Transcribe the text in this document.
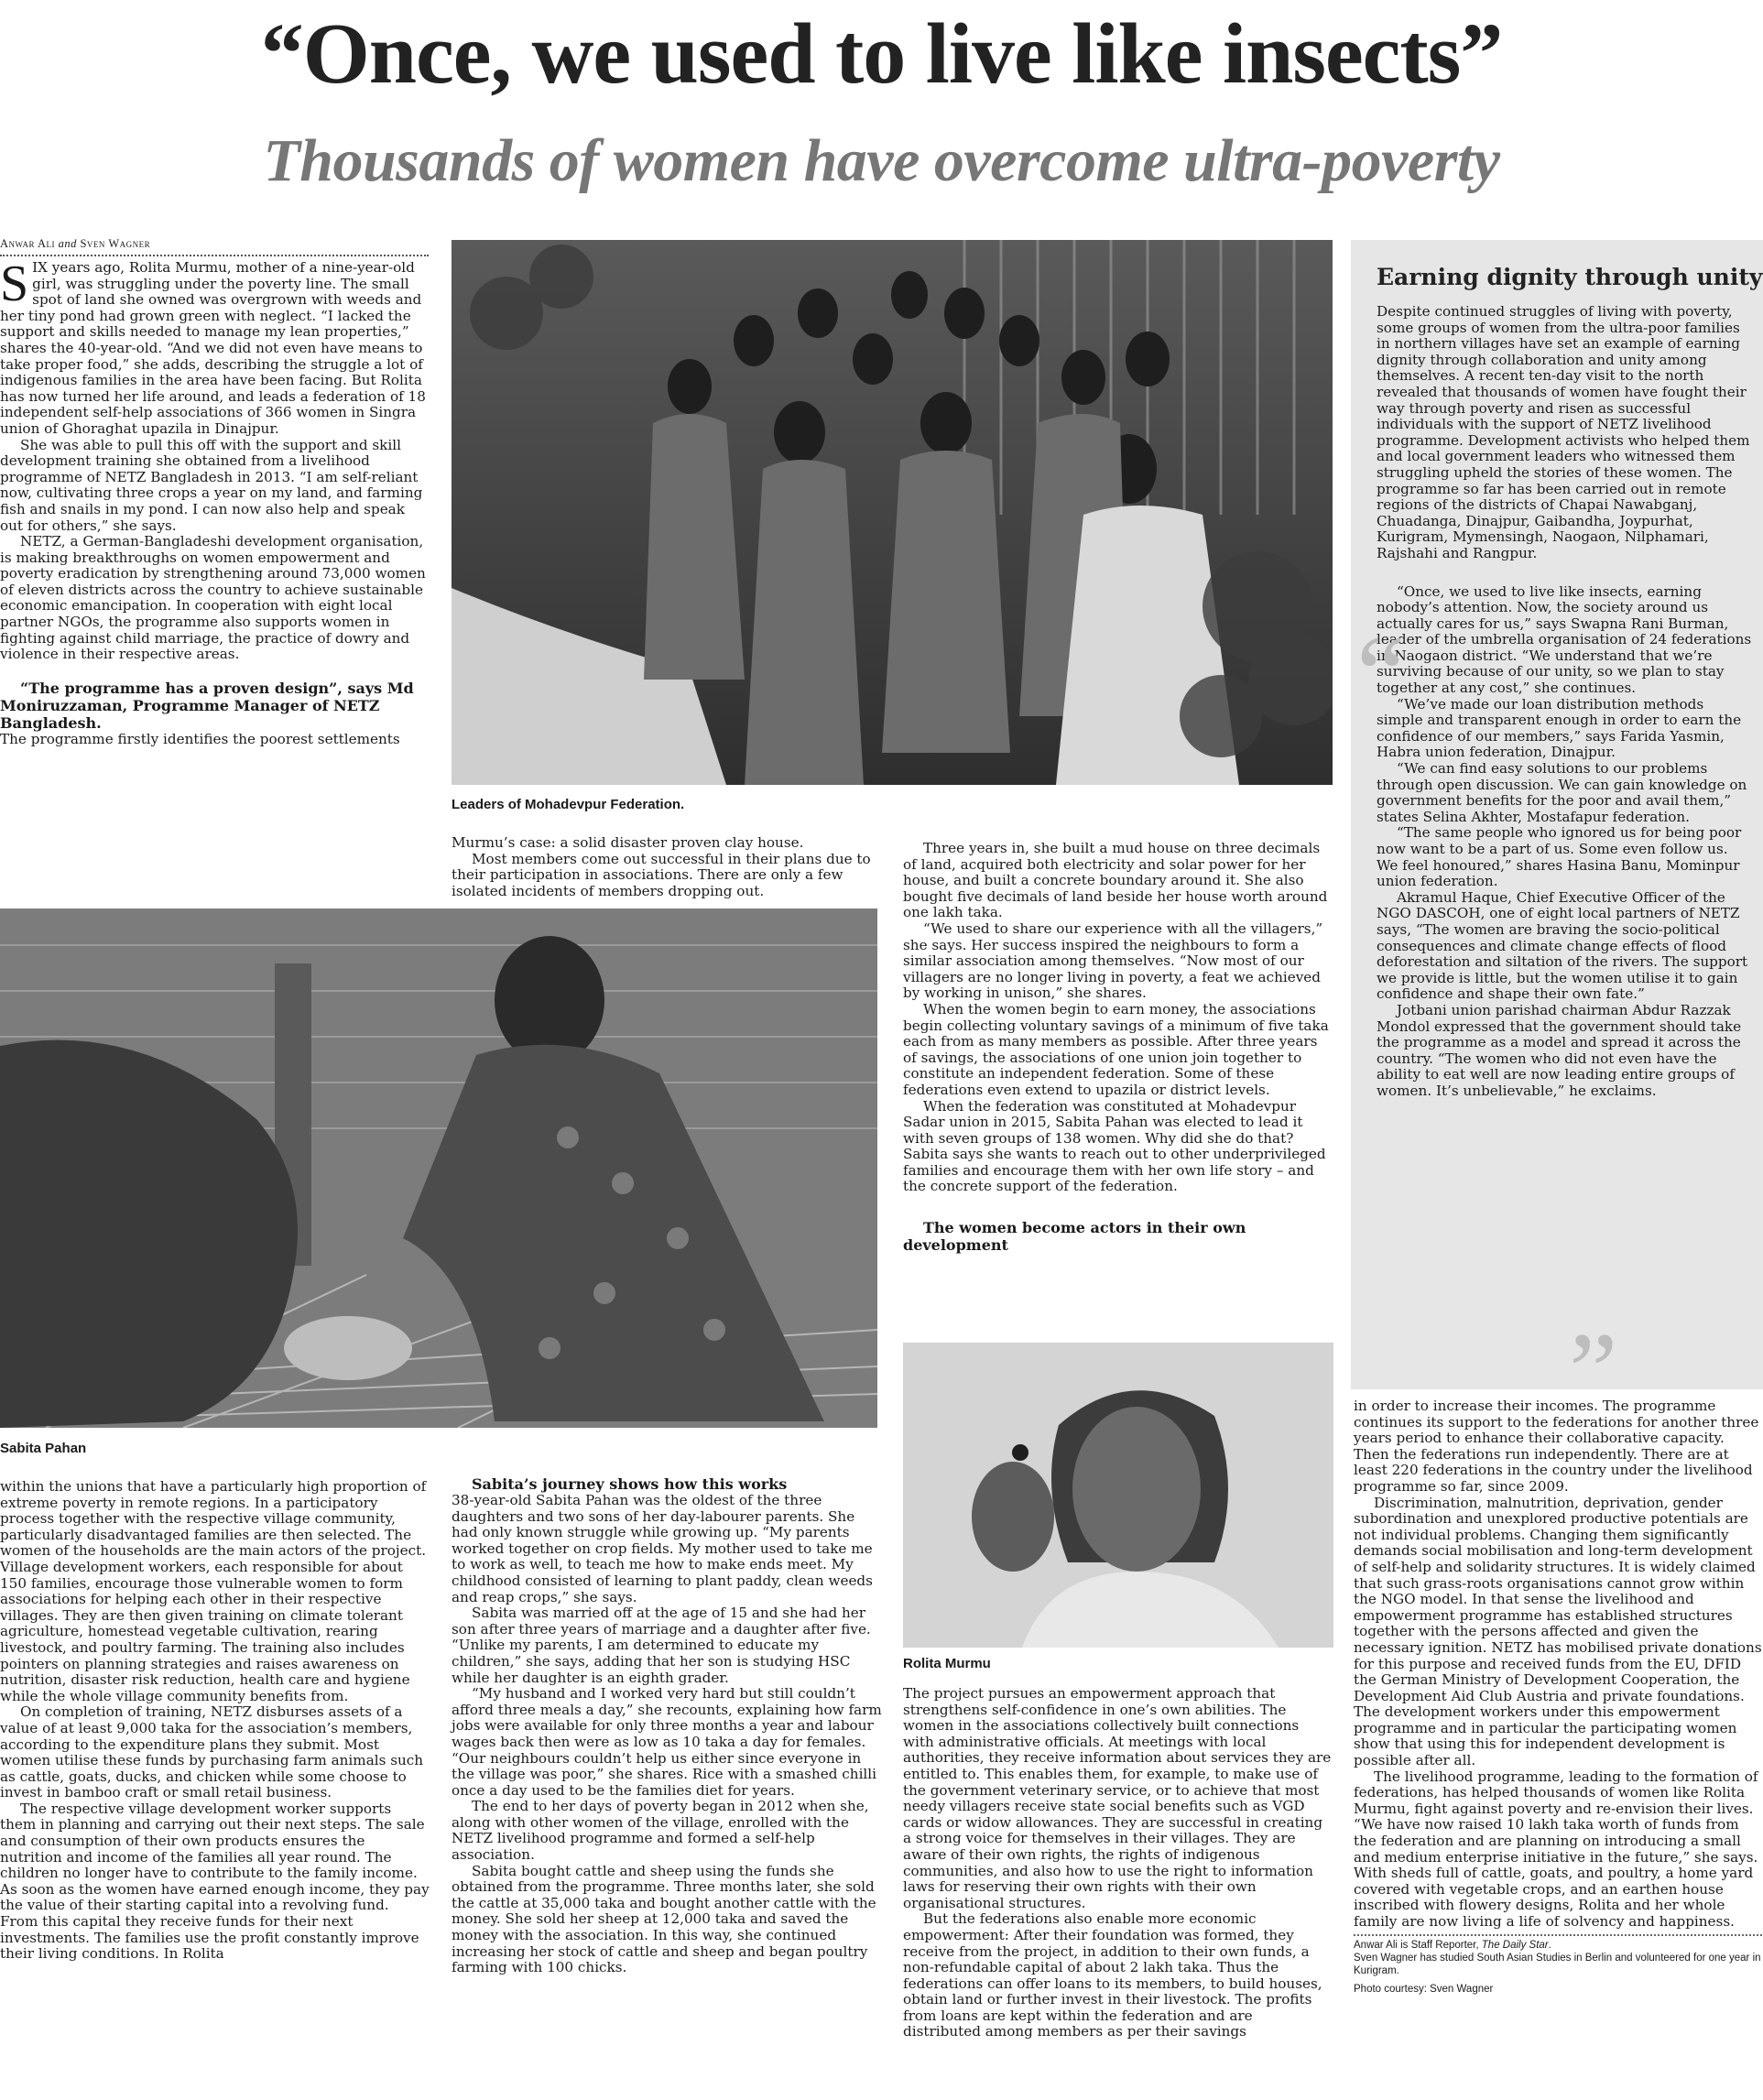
“Once, we used to live like insects”
Thousands of women have overcome ultra-poverty
Anwar Ali and Sven Wagner
S IX years ago, Rolita Murmu, mother of a nine-year-old girl, was struggling under the poverty line. The small spot of land she owned was overgrown with weeds and her tiny pond had grown green with neglect. “I lacked the support and skills needed to manage my lean properties,” shares the 40-year-old. “And we did not even have means to take proper food,” she adds, describing the struggle a lot of indigenous families in the area have been facing. But Rolita has now turned her life around, and leads a federation of 18 independent self-help associations of 366 women in Singra union of Ghoraghat upazila in Dinajpur.

She was able to pull this off with the support and skill development training she obtained from a livelihood programme of NETZ Bangladesh in 2013. “I am self-reliant now, cultivating three crops a year on my land, and farming fish and snails in my pond. I can now also help and speak out for others,” she says.

NETZ, a German-Bangladeshi development organisation, is making breakthroughs on women empowerment and poverty eradication by strengthening around 73,000 women of eleven districts across the country to achieve sustainable economic emancipation. In cooperation with eight local partner NGOs, the programme also supports women in fighting against child marriage, the practice of dowry and violence in their respective areas.

“The programme has a proven design”, says Md Moniruzzaman, Programme Manager of NETZ Bangladesh.

The programme firstly identifies the poorest settlements

Leaders of Mohadevpur Federation.

Murmu’s case: a solid disaster proven clay house.

Most members come out successful in their plans due to their participation in associations. There are only a few isolated incidents of members dropping out.

Three years in, she built a mud house on three decimals of land, acquired both electricity and solar power for her house, and built a concrete boundary around it. She also bought five decimals of land beside her house worth around one lakh taka.

“We used to share our experience with all the villagers,” she says. Her success inspired the neighbours to form a similar association among themselves. “Now most of our villagers are no longer living in poverty, a feat we achieved by working in unison,” she shares.

When the women begin to earn money, the associations begin collecting voluntary savings of a minimum of five taka each from as many members as possible. After three years of savings, the associations of one union join together to constitute an independent federation. Some of these federations even extend to upazila or district levels.

When the federation was constituted at Mohadevpur Sadar union in 2015, Sabita Pahan was elected to lead it with seven groups of 138 women. Why did she do that? Sabita says she wants to reach out to other underprivileged families and encourage them with her own life story – and the concrete support of the federation.

The women become actors in their own development

Earning dignity through unity

Despite continued struggles of living with poverty, some groups of women from the ultra-poor families in northern villages have set an example of earning dignity through collaboration and unity among themselves. A recent ten-day visit to the north revealed that thousands of women have fought their way through poverty and risen as successful individuals with the support of NETZ livelihood programme. Development activists who helped them and local government leaders who witnessed them struggling upheld the stories of these women. The programme so far has been carried out in remote regions of the districts of Chapai Nawabganj, Chuadanga, Dinajpur, Gaibandha, Joypurhat, Kurigram, Mymensingh, Naogaon, Nilphamari, Rajshahi and Rangpur.

“

“Once, we used to live like insects, earning nobody’s attention. Now, the society around us actually cares for us,” says Swapna Rani Burman, leader of the umbrella organisation of 24 federations in Naogaon district. “We understand that we’re surviving because of our unity, so we plan to stay together at any cost,” she continues.

“We’ve made our loan distribution methods simple and transparent enough in order to earn the confidence of our members,” says Farida Yasmin, Habra union federation, Dinajpur.

“We can find easy solutions to our problems through open discussion. We can gain knowledge on government benefits for the poor and avail them,” states Selina Akhter, Mostafapur federation.

“The same people who ignored us for being poor now want to be a part of us. Some even follow us. We feel honoured,” shares Hasina Banu, Mominpur union federation.

Akramul Haque, Chief Executive Officer of the NGO DASCOH, one of eight local partners of NETZ says, “The women are braving the socio-political consequences and climate change effects of flood deforestation and siltation of the rivers. The support we provide is little, but the women utilise it to gain confidence and shape their own fate.”

Jotbani union parishad chairman Abdur Razzak Mondol expressed that the government should take the programme as a model and spread it across the country. “The women who did not even have the ability to eat well are now leading entire groups of women. It’s unbelievable,” he exclaims.

”
Sabita Pahan

within the unions that have a particularly high proportion of extreme poverty in remote regions. In a participatory process together with the respective village community, particularly disadvantaged families are then selected. The women of the households are the main actors of the project. Village development workers, each responsible for about 150 families, encourage those vulnerable women to form associations for helping each other in their respective villages. They are then given training on climate tolerant agriculture, homestead vegetable cultivation, rearing livestock, and poultry farming. The training also includes pointers on planning strategies and raises awareness on nutrition, disaster risk reduction, health care and hygiene while the whole village community benefits from.

On completion of training, NETZ disburses assets of a value of at least 9,000 taka for the association’s members, according to the expenditure plans they submit. Most women utilise these funds by purchasing farm animals such as cattle, goats, ducks, and chicken while some choose to invest in bamboo craft or small retail business.

The respective village development worker supports them in planning and carrying out their next steps. The sale and consumption of their own products ensures the nutrition and income of the families all year round. The children no longer have to contribute to the family income. As soon as the women have earned enough income, they pay the value of their starting capital into a revolving fund. From this capital they receive funds for their next investments. The families use the profit constantly improve their living conditions. In Rolita

Sabita’s journey shows how this works

38-year-old Sabita Pahan was the oldest of the three daughters and two sons of her day-labourer parents. She had only known struggle while growing up. “My parents worked together on crop fields. My mother used to take me to work as well, to teach me how to make ends meet. My childhood consisted of learning to plant paddy, clean weeds and reap crops,” she says.

Sabita was married off at the age of 15 and she had her son after three years of marriage and a daughter after five. “Unlike my parents, I am determined to educate my children,” she says, adding that her son is studying HSC while her daughter is an eighth grader.

“My husband and I worked very hard but still couldn’t afford three meals a day,” she recounts, explaining how farm jobs were available for only three months a year and labour wages back then were as low as 10 taka a day for females. “Our neighbours couldn’t help us either since everyone in the village was poor,” she shares. Rice with a smashed chilli once a day used to be the families diet for years.

The end to her days of poverty began in 2012 when she, along with other women of the village, enrolled with the NETZ livelihood programme and formed a self-help association.

Sabita bought cattle and sheep using the funds she obtained from the programme. Three months later, she sold the cattle at 35,000 taka and bought another cattle with the money. She sold her sheep at 12,000 taka and saved the money with the association. In this way, she continued increasing her stock of cattle and sheep and began poultry farming with 100 chicks.

Rolita Murmu

The project pursues an empowerment approach that strengthens self-confidence in one’s own abilities. The women in the associations collectively built connections with administrative officials. At meetings with local authorities, they receive information about services they are entitled to. This enables them, for example, to make use of the government veterinary service, or to achieve that most needy villagers receive state social benefits such as VGD cards or widow allowances. They are successful in creating a strong voice for themselves in their villages. They are aware of their own rights, the rights of indigenous communities, and also how to use the right to information laws for reserving their own rights with their own organisational structures.

But the federations also enable more economic empowerment: After their foundation was formed, they receive from the project, in addition to their own funds, a non-refundable capital of about 2 lakh taka. Thus the federations can offer loans to its members, to build houses, obtain land or further invest in their livestock. The profits from loans are kept within the federation and are distributed among members as per their savings

in order to increase their incomes. The programme continues its support to the federations for another three years period to enhance their collaborative capacity. Then the federations run independently. There are at least 220 federations in the country under the livelihood programme so far, since 2009.

Discrimination, malnutrition, deprivation, gender subordination and unexplored productive potentials are not individual problems. Changing them significantly demands social mobilisation and long-term development of self-help and solidarity structures. It is widely claimed that such grass-roots organisations cannot grow within the NGO model. In that sense the livelihood and empowerment programme has established structures together with the persons affected and given the necessary ignition. NETZ has mobilised private donations for this purpose and received funds from the EU, DFID the German Ministry of Development Cooperation, the Development Aid Club Austria and private foundations. The development workers under this empowerment programme and in particular the participating women show that using this for independent development is possible after all.

The livelihood programme, leading to the formation of federations, has helped thousands of women like Rolita Murmu, fight against poverty and re-envision their lives. “We have now raised 10 lakh taka worth of funds from the federation and are planning on introducing a small and medium enterprise initiative in the future,” she says. With sheds full of cattle, goats, and poultry, a home yard covered with vegetable crops, and an earthen house inscribed with flowery designs, Rolita and her whole family are now living a life of solvency and happiness.

Anwar Ali is Staff Reporter, The Daily Star.
Sven Wagner has studied South Asian Studies in Berlin and volunteered for one year in Kurigram.
Photo courtesy: Sven Wagner
